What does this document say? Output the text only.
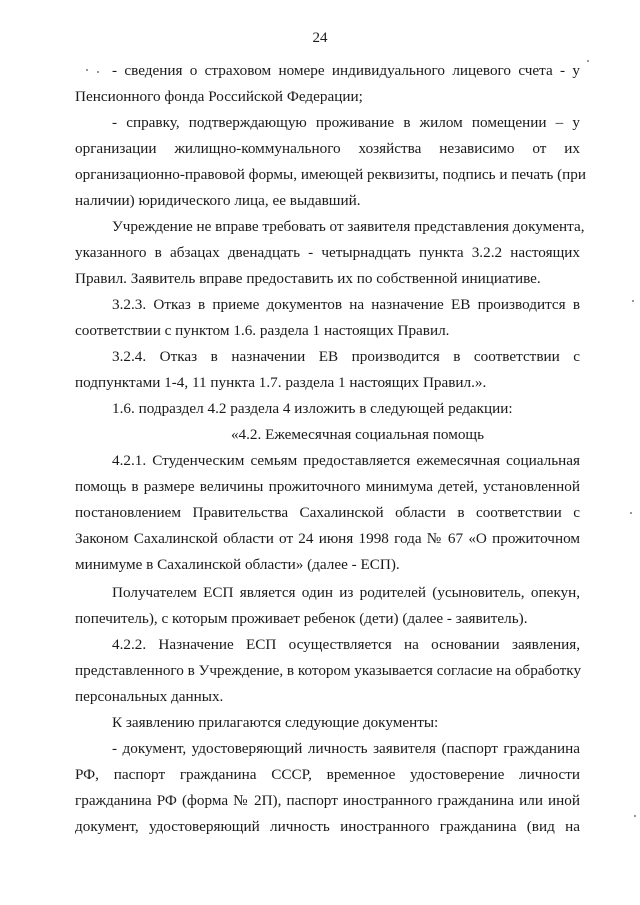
24
- сведения о страховом номере индивидуального лицевого счета - у
Пенсионного фонда Российской Федерации;
- справку, подтверждающую проживание в жилом помещении – у
организации жилищно-коммунального хозяйства независимо от их
организационно-правовой формы, имеющей реквизиты, подпись и печать (при
наличии) юридического лица, ее выдавший.
Учреждение не вправе требовать от заявителя представления документа,
указанного в абзацах двенадцать - четырнадцать пункта 3.2.2 настоящих
Правил. Заявитель вправе предоставить их по собственной инициативе.
3.2.3. Отказ в приеме документов на назначение ЕВ производится в
соответствии с пунктом 1.6. раздела 1 настоящих Правил.
3.2.4. Отказ в назначении ЕВ производится в соответствии с
подпунктами 1-4, 11 пункта 1.7. раздела 1 настоящих Правил.».
1.6. подраздел 4.2 раздела 4 изложить в следующей редакции:
«4.2. Ежемесячная социальная помощь
4.2.1. Студенческим семьям предоставляется ежемесячная социальная
помощь в размере величины прожиточного минимума детей, установленной
постановлением Правительства Сахалинской области в соответствии с
Законом Сахалинской области от 24 июня 1998 года № 67 «О прожиточном
минимуме в Сахалинской области» (далее - ЕСП).
Получателем ЕСП является один из родителей (усыновитель, опекун,
попечитель), с которым проживает ребенок (дети) (далее - заявитель).
4.2.2. Назначение ЕСП осуществляется на основании заявления,
представленного в Учреждение, в котором указывается согласие на обработку
персональных данных.
К заявлению прилагаются следующие документы:
- документ, удостоверяющий личность заявителя (паспорт гражданина
РФ, паспорт гражданина СССР, временное удостоверение личности
гражданина РФ (форма № 2П), паспорт иностранного гражданина или иной
документ, удостоверяющий личность иностранного гражданина (вид на
